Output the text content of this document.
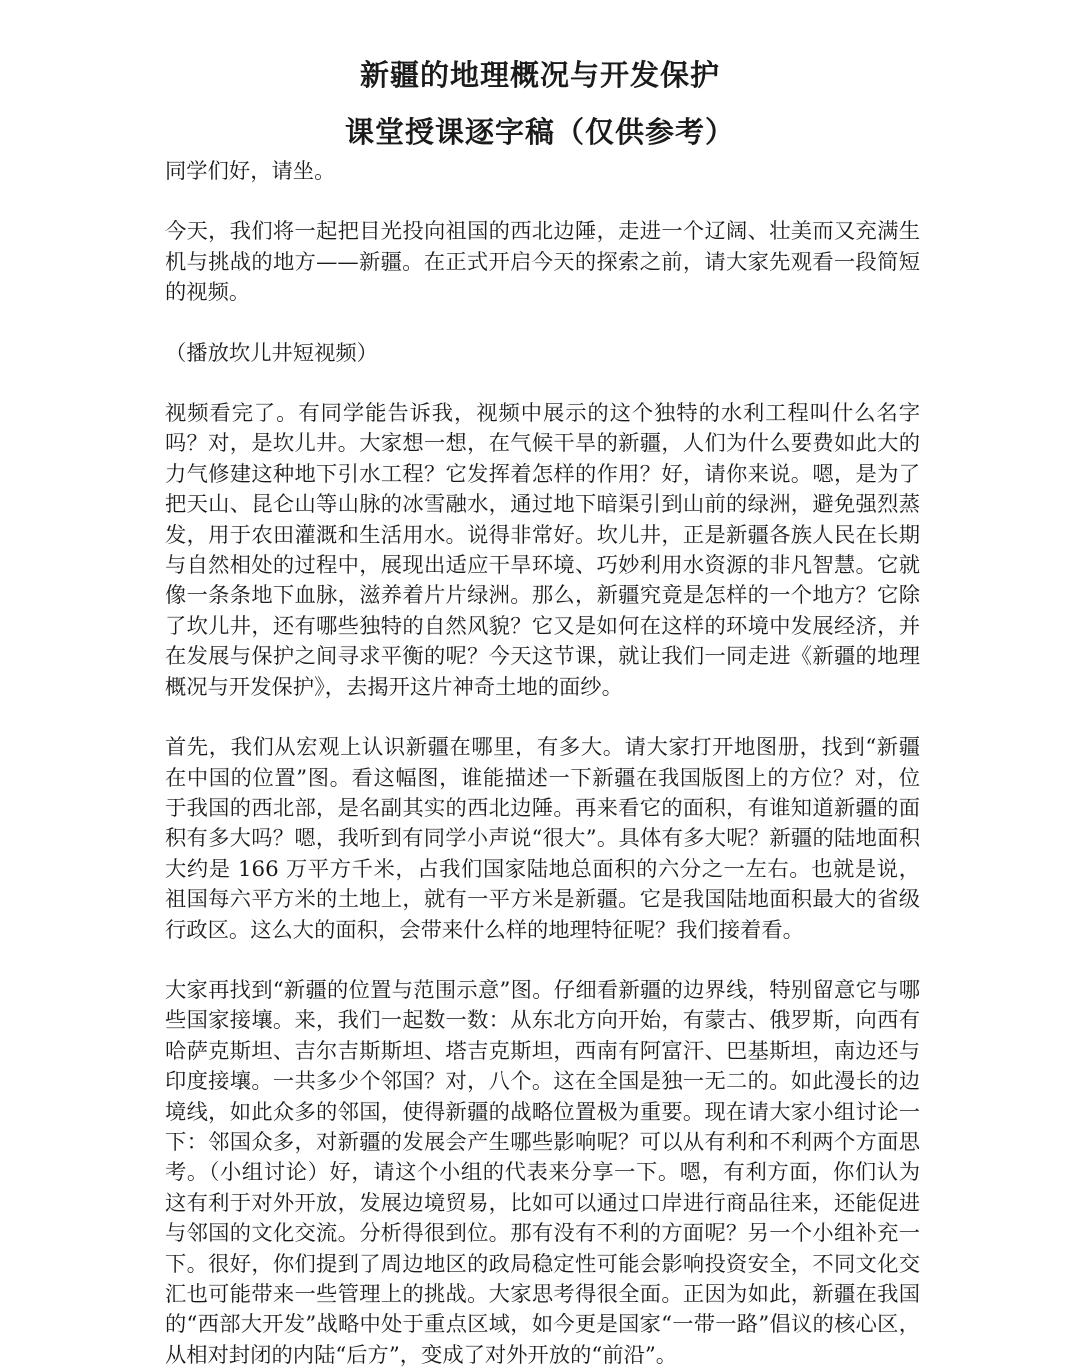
新疆的地理概况与开发保护
课堂授课逐字稿（仅供参考）

同学们好，请坐。

今天，我们将一起把目光投向祖国的西北边陲，走进一个辽阔、壮美而又充满生机与挑战的地方——新疆。在正式开启今天的探索之前，请大家先观看一段简短的视频。

（播放坎儿井短视频）

视频看完了。有同学能告诉我，视频中展示的这个独特的水利工程叫什么名字吗？对，是坎儿井。大家想一想，在气候干旱的新疆，人们为什么要费如此大的力气修建这种地下引水工程？它发挥着怎样的作用？好，请你来说。嗯，是为了把天山、昆仑山等山脉的冰雪融水，通过地下暗渠引到山前的绿洲，避免强烈蒸发，用于农田灌溉和生活用水。说得非常好。坎儿井，正是新疆各族人民在长期与自然相处的过程中，展现出适应干旱环境、巧妙利用水资源的非凡智慧。它就像一条条地下血脉，滋养着片片绿洲。那么，新疆究竟是怎样的一个地方？它除了坎儿井，还有哪些独特的自然风貌？它又是如何在这样的环境中发展经济，并在发展与保护之间寻求平衡的呢？今天这节课，就让我们一同走进《新疆的地理概况与开发保护》，去揭开这片神奇土地的面纱。

首先，我们从宏观上认识新疆在哪里，有多大。请大家打开地图册，找到“新疆在中国的位置”图。看这幅图，谁能描述一下新疆在我国版图上的方位？对，位于我国的西北部，是名副其实的西北边陲。再来看它的面积，有谁知道新疆的面积有多大吗？嗯，我听到有同学小声说“很大”。具体有多大呢？新疆的陆地面积大约是 166 万平方千米，占我们国家陆地总面积的六分之一左右。也就是说，祖国每六平方米的土地上，就有一平方米是新疆。它是我国陆地面积最大的省级行政区。这么大的面积，会带来什么样的地理特征呢？我们接着看。

大家再找到“新疆的位置与范围示意”图。仔细看新疆的边界线，特别留意它与哪些国家接壤。来，我们一起数一数：从东北方向开始，有蒙古、俄罗斯，向西有哈萨克斯坦、吉尔吉斯斯坦、塔吉克斯坦，西南有阿富汗、巴基斯坦，南边还与印度接壤。一共多少个邻国？对，八个。这在全国是独一无二的。如此漫长的边境线，如此众多的邻国，使得新疆的战略位置极为重要。现在请大家小组讨论一下：邻国众多，对新疆的发展会产生哪些影响呢？可以从有利和不利两个方面思考。（小组讨论）好，请这个小组的代表来分享一下。嗯，有利方面，你们认为这有利于对外开放，发展边境贸易，比如可以通过口岸进行商品往来，还能促进与邻国的文化交流。分析得很到位。那有没有不利的方面呢？另一个小组补充一下。很好，你们提到了周边地区的政局稳定性可能会影响投资安全，不同文化交汇也可能带来一些管理上的挑战。大家思考得很全面。正因为如此，新疆在我国的“西部大开发”战略中处于重点区域，如今更是国家“一带一路”倡议的核心区，从相对封闭的内陆“后方”，变成了对外开放的“前沿”。
